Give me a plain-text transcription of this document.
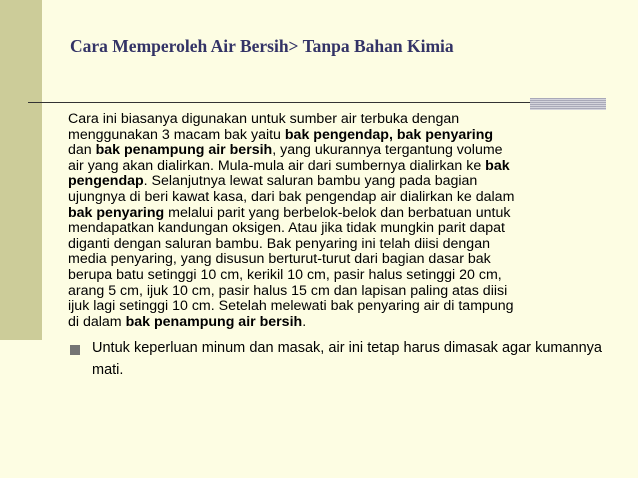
Cara Memperoleh Air Bersih> Tanpa Bahan Kimia
Cara ini biasanya digunakan untuk sumber air terbuka dengan
menggunakan 3 macam bak yaitu bak pengendap, bak penyaring
dan bak penampung air bersih, yang ukurannya tergantung volume
air yang akan dialirkan. Mula-mula air dari sumbernya dialirkan ke bak
pengendap. Selanjutnya lewat saluran bambu yang pada bagian
ujungnya di beri kawat kasa, dari bak pengendap air dialirkan ke dalam
bak penyaring melalui parit yang berbelok-belok dan berbatuan untuk
mendapatkan kandungan oksigen. Atau jika tidak mungkin parit dapat
diganti dengan saluran bambu. Bak penyaring ini telah diisi dengan
media penyaring, yang disusun berturut-turut dari bagian dasar bak
berupa batu setinggi 10 cm, kerikil 10 cm, pasir halus setinggi 20 cm,
arang 5 cm, ijuk 10 cm, pasir halus 15 cm dan lapisan paling atas diisi
ijuk lagi setinggi 10 cm. Setelah melewati bak penyaring air di tampung
di dalam bak penampung air bersih.
Untuk keperluan minum dan masak, air ini tetap harus dimasak agar kumannya mati.
